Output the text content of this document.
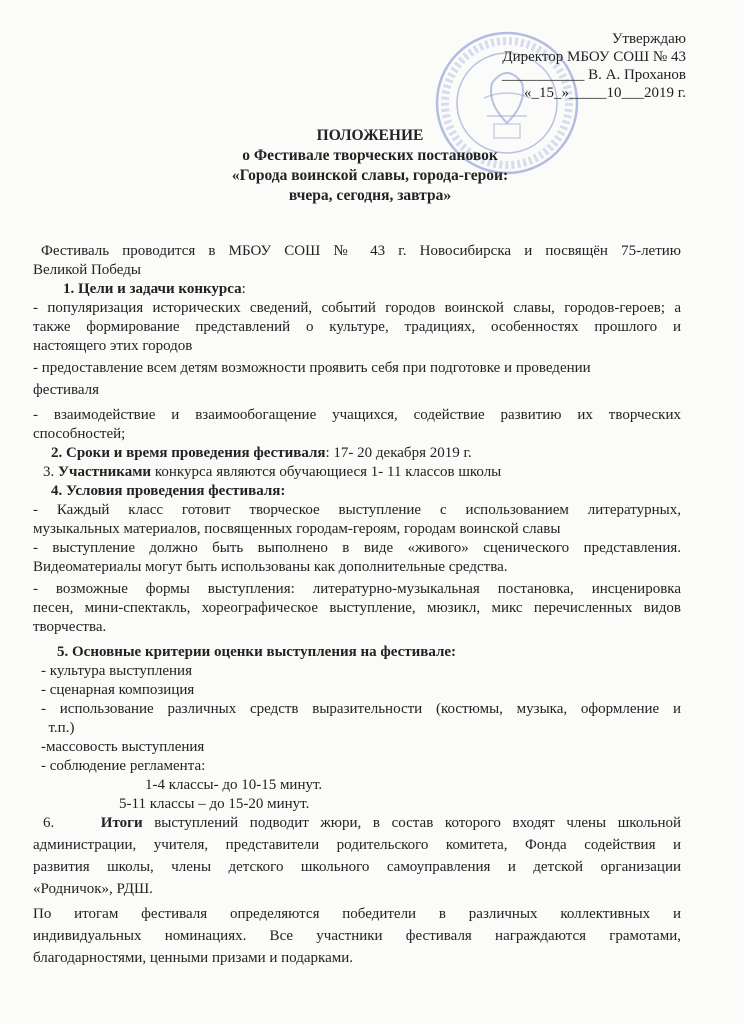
Утверждаю
Директор МБОУ СОШ № 43
___________ В. А. Проханов
«_15_»_____10___2019 г.
ПОЛОЖЕНИЕ
о Фестивале творческих постановок
«Города воинской славы, города-герои:
вчера, сегодня, завтра»
Фестиваль проводится в МБОУ СОШ № 43 г. Новосибирска и посвящён 75-летию
Великой Победы
1. Цели и задачи конкурса:
- популяризация исторических сведений, событий городов воинской славы, городов-героев; а
также формирование представлений о культуре, традициях, особенностях прошлого и
настоящего этих городов
- предоставление всем детям возможности проявить себя при подготовке и проведении
фестиваля
- взаимодействие и взаимообогащение учащихся, содействие развитию их творческих
способностей;
2. Сроки и время проведения фестиваля: 17- 20 декабря 2019 г.
3. Участниками конкурса являются обучающиеся 1- 11 классов школы
4. Условия проведения фестиваля:
- Каждый класс готовит творческое выступление с использованием литературных,
музыкальных материалов, посвященных городам-героям, городам воинской славы
- выступление должно быть выполнено в виде «живого» сценического представления.
Видеоматериалы могут быть использованы как дополнительные средства.
- возможные формы выступления: литературно-музыкальная постановка, инсценировка
песен, мини-спектакль, хореографическое выступление, мюзикл, микс перечисленных видов
творчества.
5. Основные критерии оценки выступления на фестивале:
- культура выступления
- сценарная композиция
- использование различных средств выразительности (костюмы, музыка, оформление и
т.п.)
-массовость выступления
- соблюдение регламента:
1-4 классы- до 10-15 минут.
5-11 классы – до 15-20 минут.
6.    Итоги выступлений подводит жюри, в состав которого входят члены школьной
администрации, учителя, представители родительского комитета, Фонда содействия и
развития школы, члены детского школьного самоуправления и детской организации
«Родничок», РДШ.
По итогам фестиваля определяются победители в различных коллективных и
индивидуальных номинациях. Все участники фестиваля награждаются грамотами,
благодарностями, ценными призами и подарками.
